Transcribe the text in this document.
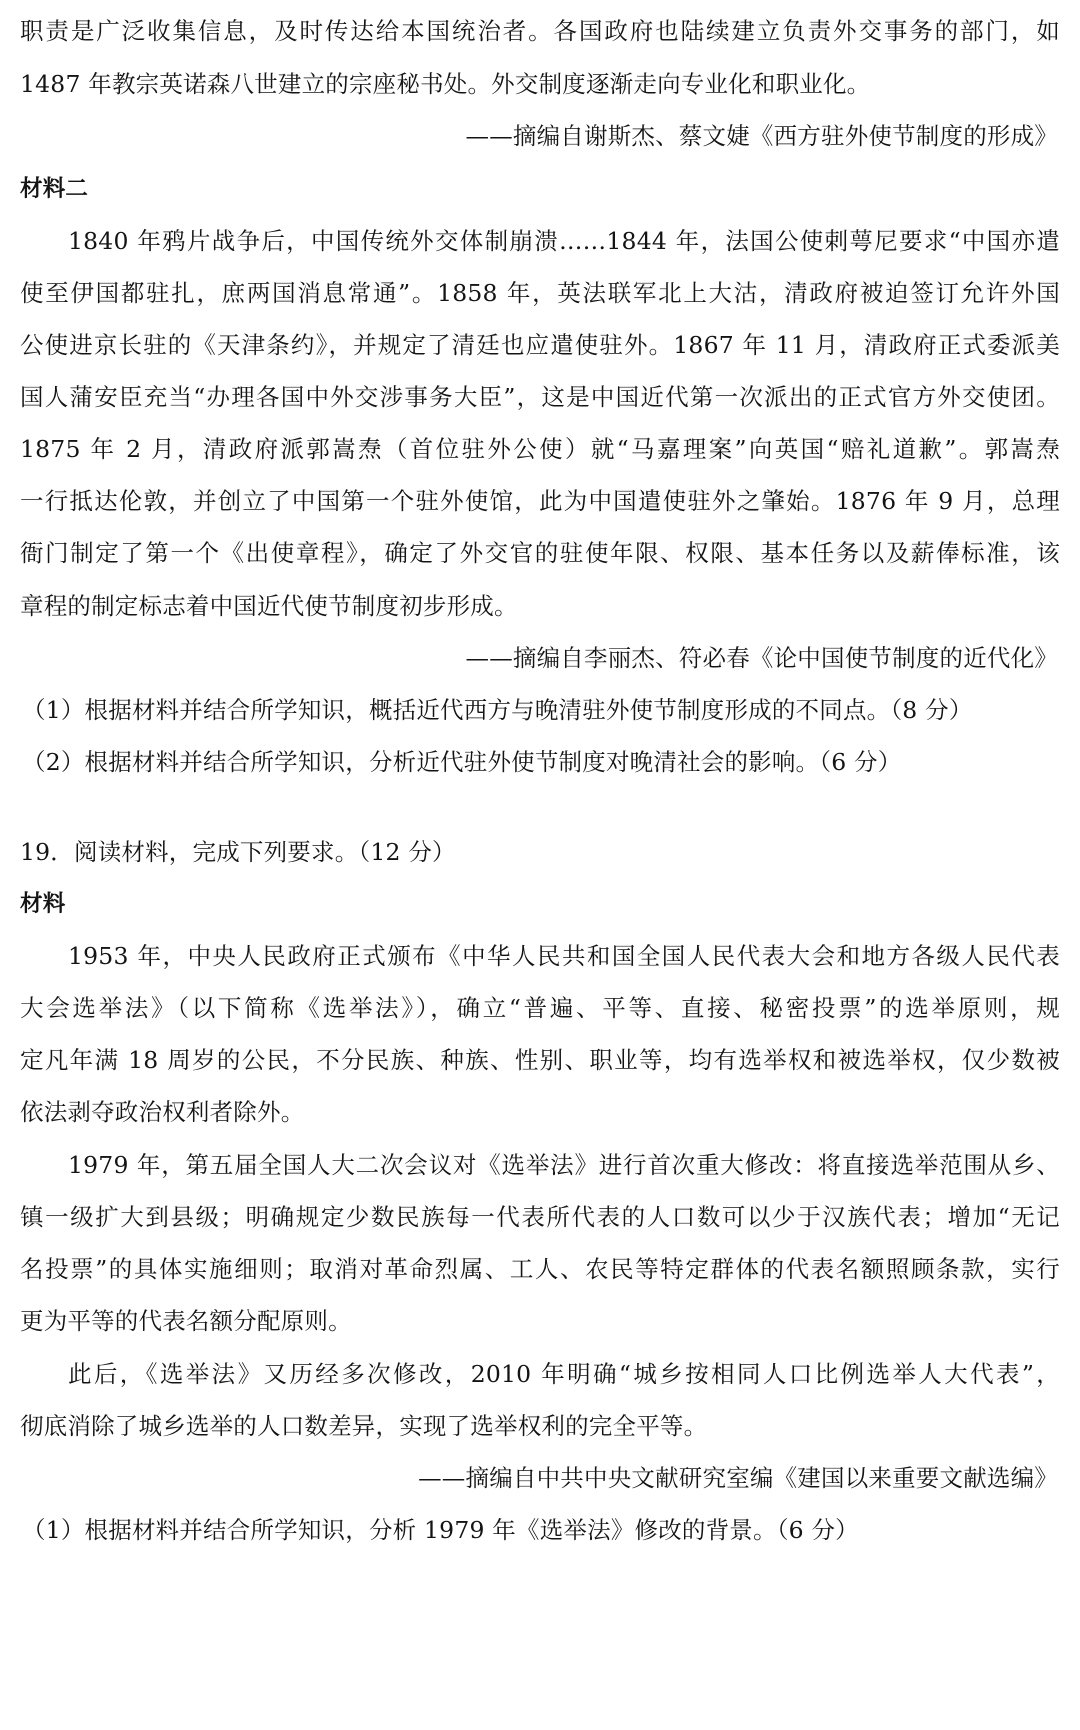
职责是广泛收集信息，及时传达给本国统治者。各国政府也陆续建立负责外交事务的部门，如
1487 年教宗英诺森八世建立的宗座秘书处。外交制度逐渐走向专业化和职业化。
——摘编自谢斯杰、蔡文婕《西方驻外使节制度的形成》
材料二
1840 年鸦片战争后，中国传统外交体制崩溃……1844 年，法国公使剌萼尼要求“中国亦遣
使至伊国都驻扎，庶两国消息常通”。1858 年，英法联军北上大沽，清政府被迫签订允许外国
公使进京长驻的《天津条约》，并规定了清廷也应遣使驻外。1867 年 11 月，清政府正式委派美
国人蒲安臣充当“办理各国中外交涉事务大臣”，这是中国近代第一次派出的正式官方外交使团。
1875 年 2 月，清政府派郭嵩焘（首位驻外公使）就“马嘉理案”向英国“赔礼道歉”。郭嵩焘
一行抵达伦敦，并创立了中国第一个驻外使馆，此为中国遣使驻外之肇始。1876 年 9 月，总理
衙门制定了第一个《出使章程》，确定了外交官的驻使年限、权限、基本任务以及薪俸标准，该
章程的制定标志着中国近代使节制度初步形成。
——摘编自李丽杰、符必春《论中国使节制度的近代化》
（1）根据材料并结合所学知识，概括近代西方与晚清驻外使节制度形成的不同点。（8 分）
（2）根据材料并结合所学知识，分析近代驻外使节制度对晚清社会的影响。（6 分）
19．阅读材料，完成下列要求。（12 分）
材料
1953 年，中央人民政府正式颁布《中华人民共和国全国人民代表大会和地方各级人民代表
大会选举法》（以下简称《选举法》），确立“普遍、平等、直接、秘密投票”的选举原则，规
定凡年满 18 周岁的公民，不分民族、种族、性别、职业等，均有选举权和被选举权，仅少数被
依法剥夺政治权利者除外。
1979 年，第五届全国人大二次会议对《选举法》进行首次重大修改：将直接选举范围从乡、
镇一级扩大到县级；明确规定少数民族每一代表所代表的人口数可以少于汉族代表；增加“无记
名投票”的具体实施细则；取消对革命烈属、工人、农民等特定群体的代表名额照顾条款，实行
更为平等的代表名额分配原则。
此后，《选举法》又历经多次修改，2010 年明确“城乡按相同人口比例选举人大代表”，
彻底消除了城乡选举的人口数差异，实现了选举权利的完全平等。
——摘编自中共中央文献研究室编《建国以来重要文献选编》
（1）根据材料并结合所学知识，分析 1979 年《选举法》修改的背景。（6 分）
